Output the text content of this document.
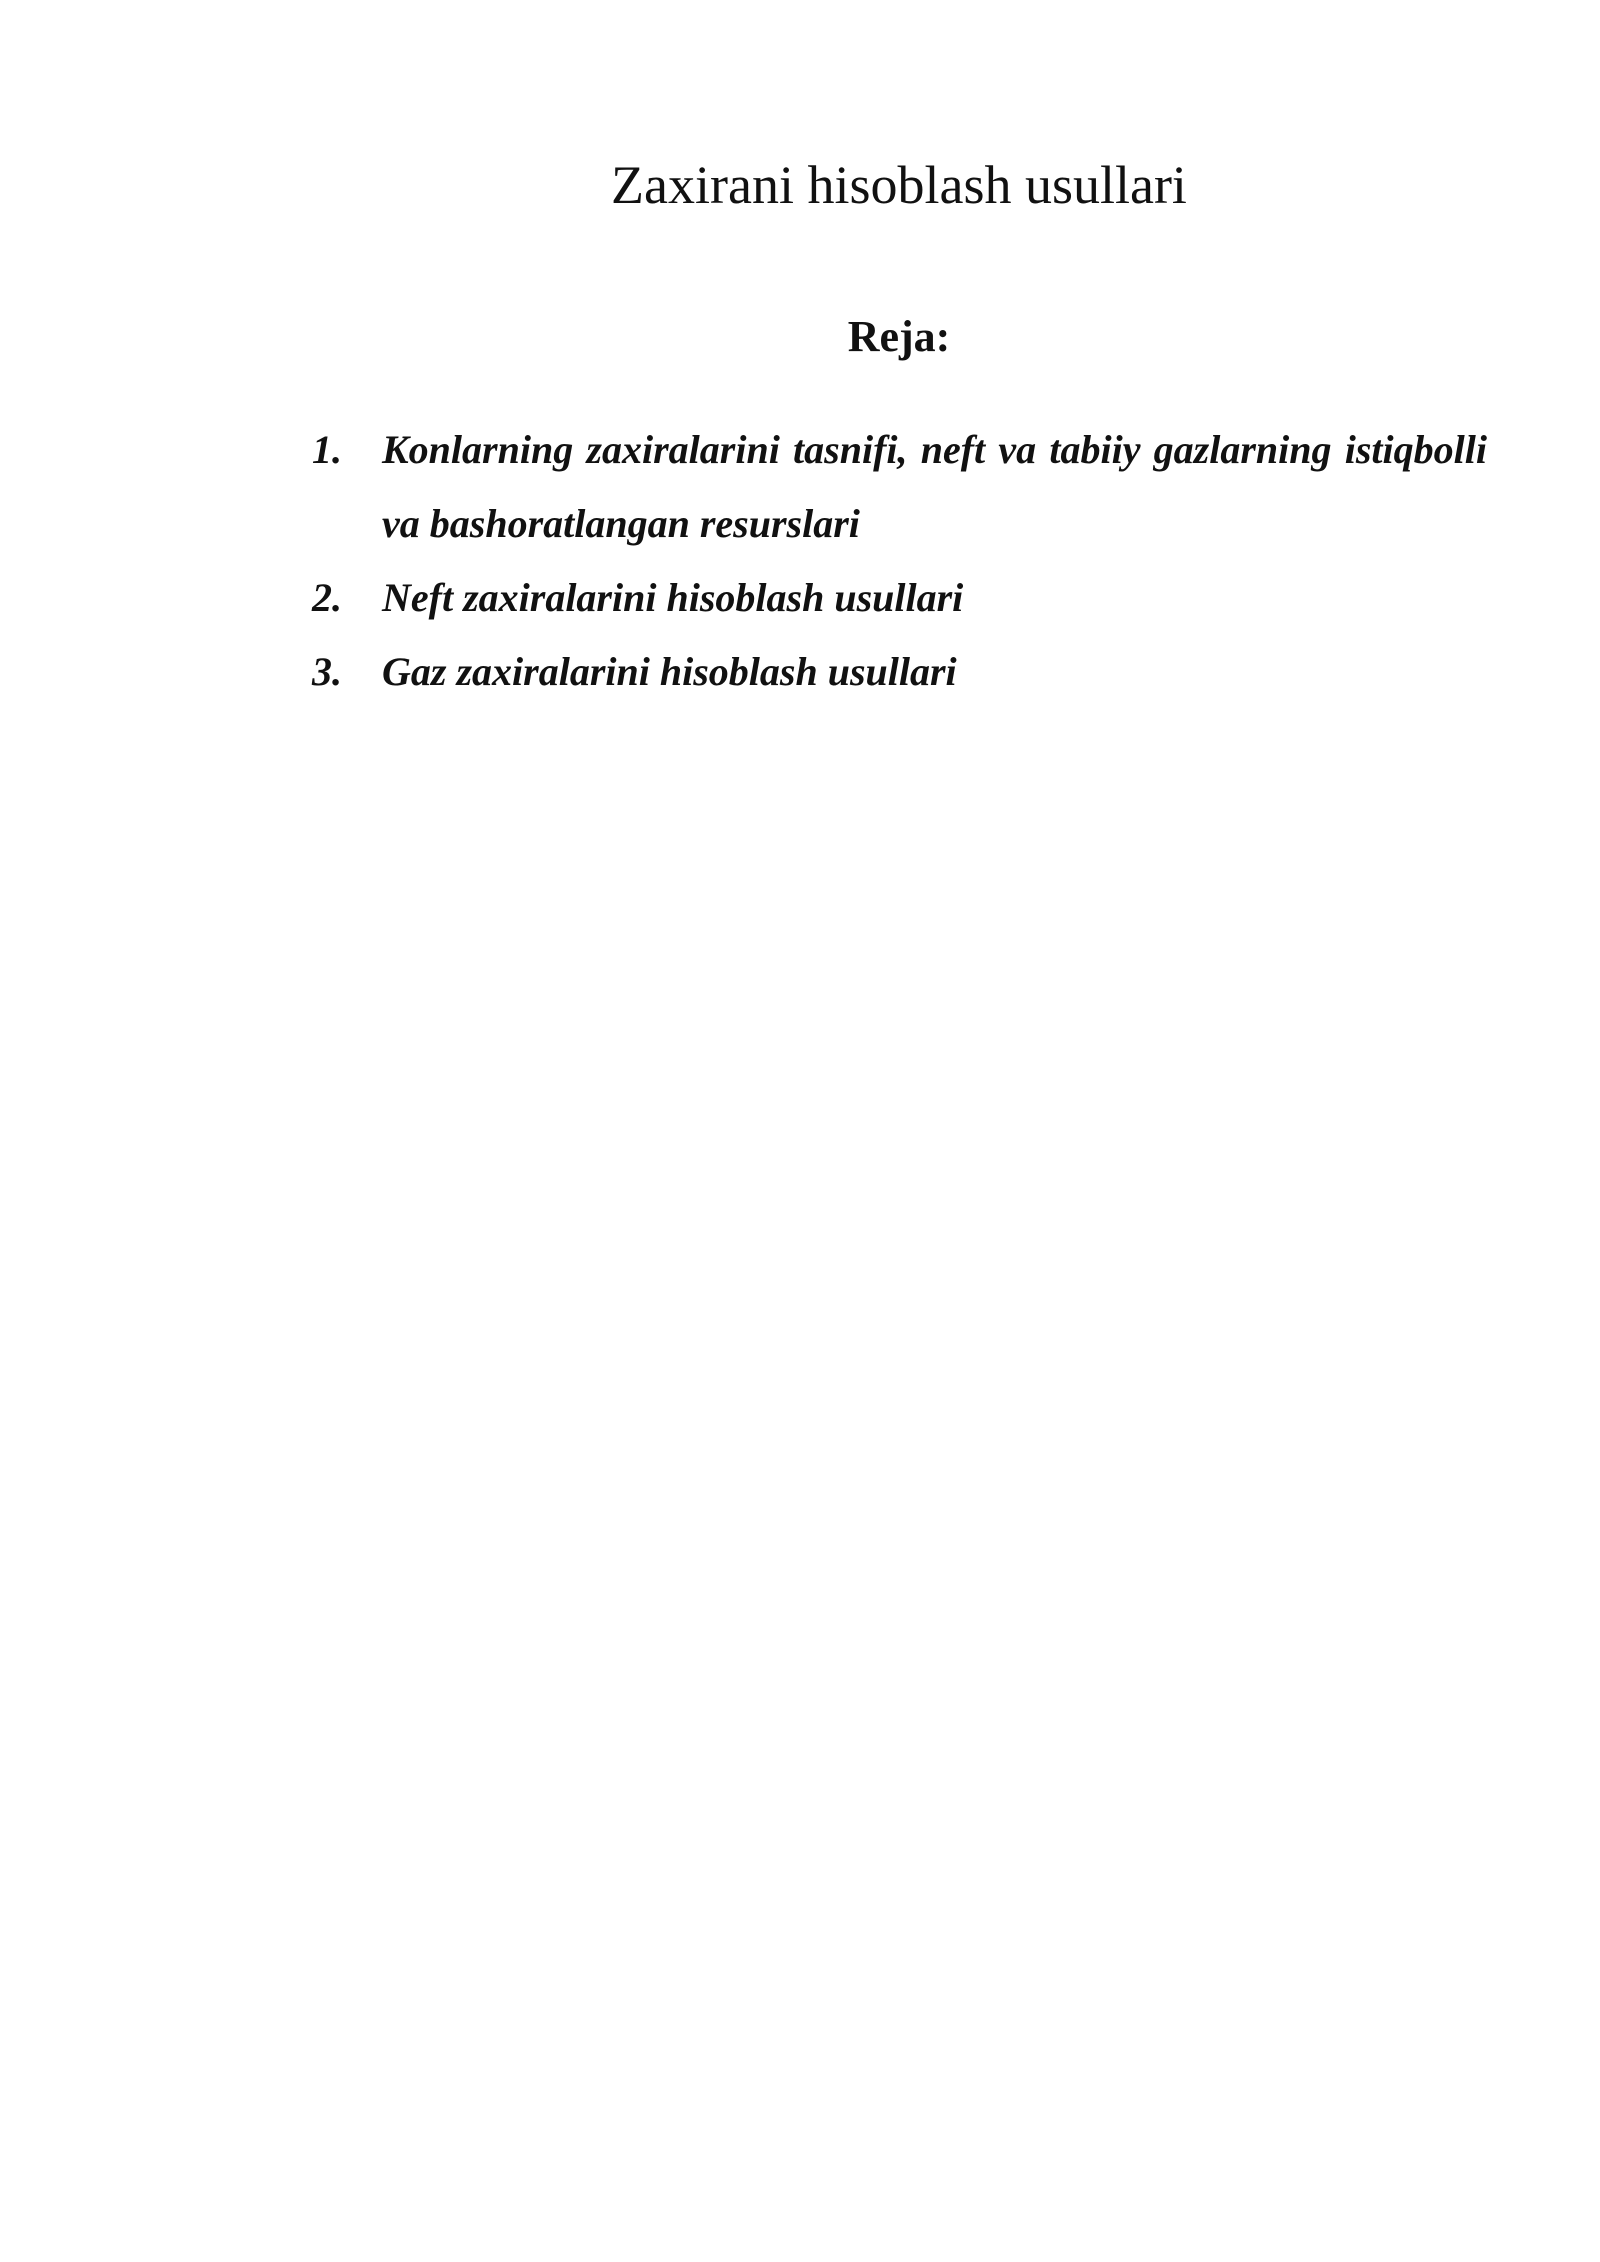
Zaxirani hisoblash usullari
Reja:
1. Konlarning zaxiralarini tasnifi, neft va tabiiy gazlarning istiqbolli va bashoratlangan resurslari
2. Neft zaxiralarini hisoblash usullari
3. Gaz zaxiralarini hisoblash usullari
